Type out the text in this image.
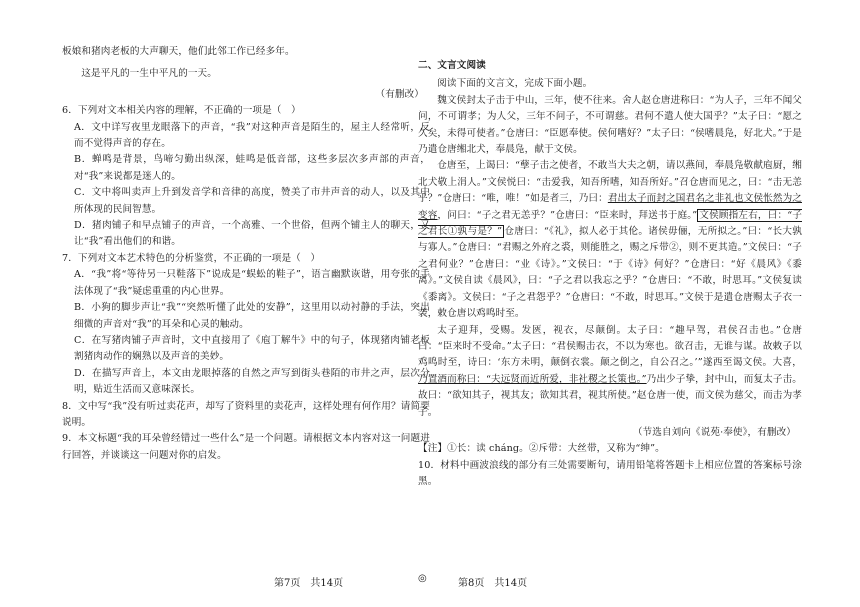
板娘和猪肉老板的大声聊天，他们此邻工作已经多年。

这是平凡的一生中平凡的一天。

（有删改）

6．下列对文本相关内容的理解，不正确的一项是（　）

A．文中详写夜里龙眼落下的声音，“我”对这种声音是陌生的，屋主人经常听，反而不觉得声音的存在。

B．蝉鸣是背景，鸟啼匀勤出纵深，蛙鸣是低音部，这些多层次多声部的声音，对“我”来说都是迷人的。

C．文中将叫卖声上升到发音学和音律的高度，赞美了市井声音的动人，以及其中所体现的民间智慧。

D．猪肉铺子和早点铺子的声音，一个高雅、一个世俗，但两个铺主人的聊天，又让“我”看出他们的和谐。

7．下列对文本艺术特色的分析鉴赏，不正确的一项是（　）

A．“我”将“等待另一只鞋落下”说成是“蜈蚣的鞋子”，语言幽默诙谐，用夸张的手法体现了“我”疑虑重重的内心世界。

B．小狗的脚步声让“我”“突然听懂了此处的安静”，这里用以动衬静的手法，突出细微的声音对“我”的耳朵和心灵的触动。

C．在写猪肉铺子声音时，文中直接用了《庖丁解牛》中的句子，体现猪肉铺老板割猪肉动作的娴熟以及声音的美妙。

D．在描写声音上，本文由龙眼掉落的自然之声写到街头巷陌的市井之声，层次分明，贴近生活而又意味深长。

8．文中写“我”没有听过卖花声，却写了资料里的卖花声，这样处理有何作用？请简要说明。

9．本文标题“我的耳朵曾经错过一些什么”是一个问题。请根据文本内容对这一问题进行回答，并谈谈这一问题对你的启发。

二、文言文阅读

阅读下面的文言文，完成下面小题。

魏文侯封太子击于中山，三年，使不往来。舍人赵仓唐进称曰：“为人子，三年不闻父问，不可谓孝；为人父，三年不问子，不可谓慈。君何不遣人使大国乎？”太子曰：“愿之久矣，未得可使者。”仓唐曰：“臣愿奉使。侯何嗜好？”太子曰：“侯嗜晨凫，好北犬。”于是乃遣仓唐缃北犬，奉晨凫，献于文侯。

仓唐至，上谒曰：“孽子击之使者，不敢当大夫之朝，请以燕间，奉晨凫敬献庖厨，缃北犬敬上涓人。”文侯悦曰：“击爱我，知吾所嗜，知吾所好。”召仓唐而见之，曰：“击无恙乎？”仓唐曰：“唯，唯！”如是者三，乃曰：君出太子而封之国君名之非礼也文侯怅然为之变容，问曰：“子之君无恙乎？”仓唐曰：“臣来时，拜送书于庭。” 文侯顾指左右，曰：“子之君长①孰与是？” 仓唐曰：“《礼》，拟人必于其伦。诸侯毋俪，无所拟之。”曰：“长大孰与寡人。”仓唐曰：“君赐之外府之裘，则能胜之，赐之斥带②，则不更其造。”文侯曰：“子之君何业？”仓唐曰：“业《诗》。”文侯曰：“于《诗》何好？”仓唐曰：“好《晨风》《黍离》。”文侯自读《晨风》，曰：“子之君以我忘之乎？”仓唐曰：“不敢，时思耳。”文侯复读《黍离》。文侯曰：“子之君怨乎？”仓唐曰：“不敢，时思耳。”文侯于是遣仓唐赐太子衣一袭，敕仓唐以鸡鸣时至。

太子迎拜，受赐。发匧，视衣，尽颠倒。太子曰：“趣早驾，君侯召击也。”仓唐曰：“臣来时不受命。”太子曰：“君侯赐击衣，不以为寒也。欲召击，无谁与谋。故敕子以鸡鸣时至，诗曰：‘东方未明，颠倒衣裳。颠之倒之，自公召之。’”遂西至谒文侯。大喜，乃置酒而称曰：“夫远贤而近所爱，非社稷之长策也。”乃出少子挚，封中山，而复太子击。故曰：“欲知其子，视其友；欲知其君，视其所使。”赵仓唐一使，而文侯为慈父，而击为孝子。

（节选自刘向《说苑·奉使》，有删改）

【注】①长：读 cháng。②斥带：大丝带，又称为“绅”。

10．材料中画波浪线的部分有三处需要断句，请用铅笔将答题卡上相应位置的答案标号涂黑。

第7页　共14页	◎	第8页　共14页
